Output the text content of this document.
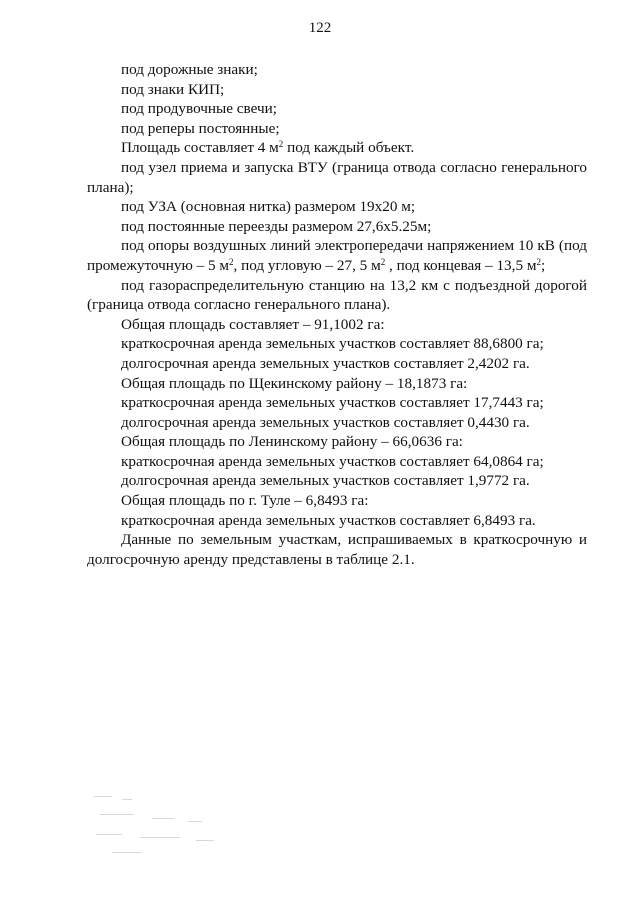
122

под дорожные знаки;

под знаки КИП;

под продувочные свечи;

под реперы постоянные;

Площадь составляет 4 $м^2$ под каждый объект.

под узел приема и запуска ВТУ (граница отвода согласно генерального плана);

под УЗА (основная нитка) размером 19х20 м;

под постоянные переезды размером 27,6х5.25м;

под опоры воздушных линий электропередачи напряжением 10 кВ (под промежуточную – 5 $м^2$, под угловую – 27, 5 $м^2$ , под концевая – 13,5 $м^2$;

под газораспределительную станцию на 13,2 км с подъездной дорогой (граница отвода согласно генерального плана).

Общая площадь составляет – 91,1002 га:

краткосрочная аренда земельных участков составляет 88,6800 га;

долгосрочная аренда земельных участков составляет 2,4202 га.

Общая площадь по Щекинскому району – 18,1873 га:

краткосрочная аренда земельных участков составляет 17,7443 га;

долгосрочная аренда земельных участков составляет 0,4430 га.

Общая площадь по Ленинскому району – 66,0636 га:

краткосрочная аренда земельных участков составляет 64,0864 га;

долгосрочная аренда земельных участков составляет 1,9772 га.

Общая площадь по г. Туле – 6,8493 га:

краткосрочная аренда земельных участков составляет 6,8493 га.

Данные по земельным участкам, испрашиваемых в краткосрочную и долгосрочную аренду представлены в таблице 2.1.
